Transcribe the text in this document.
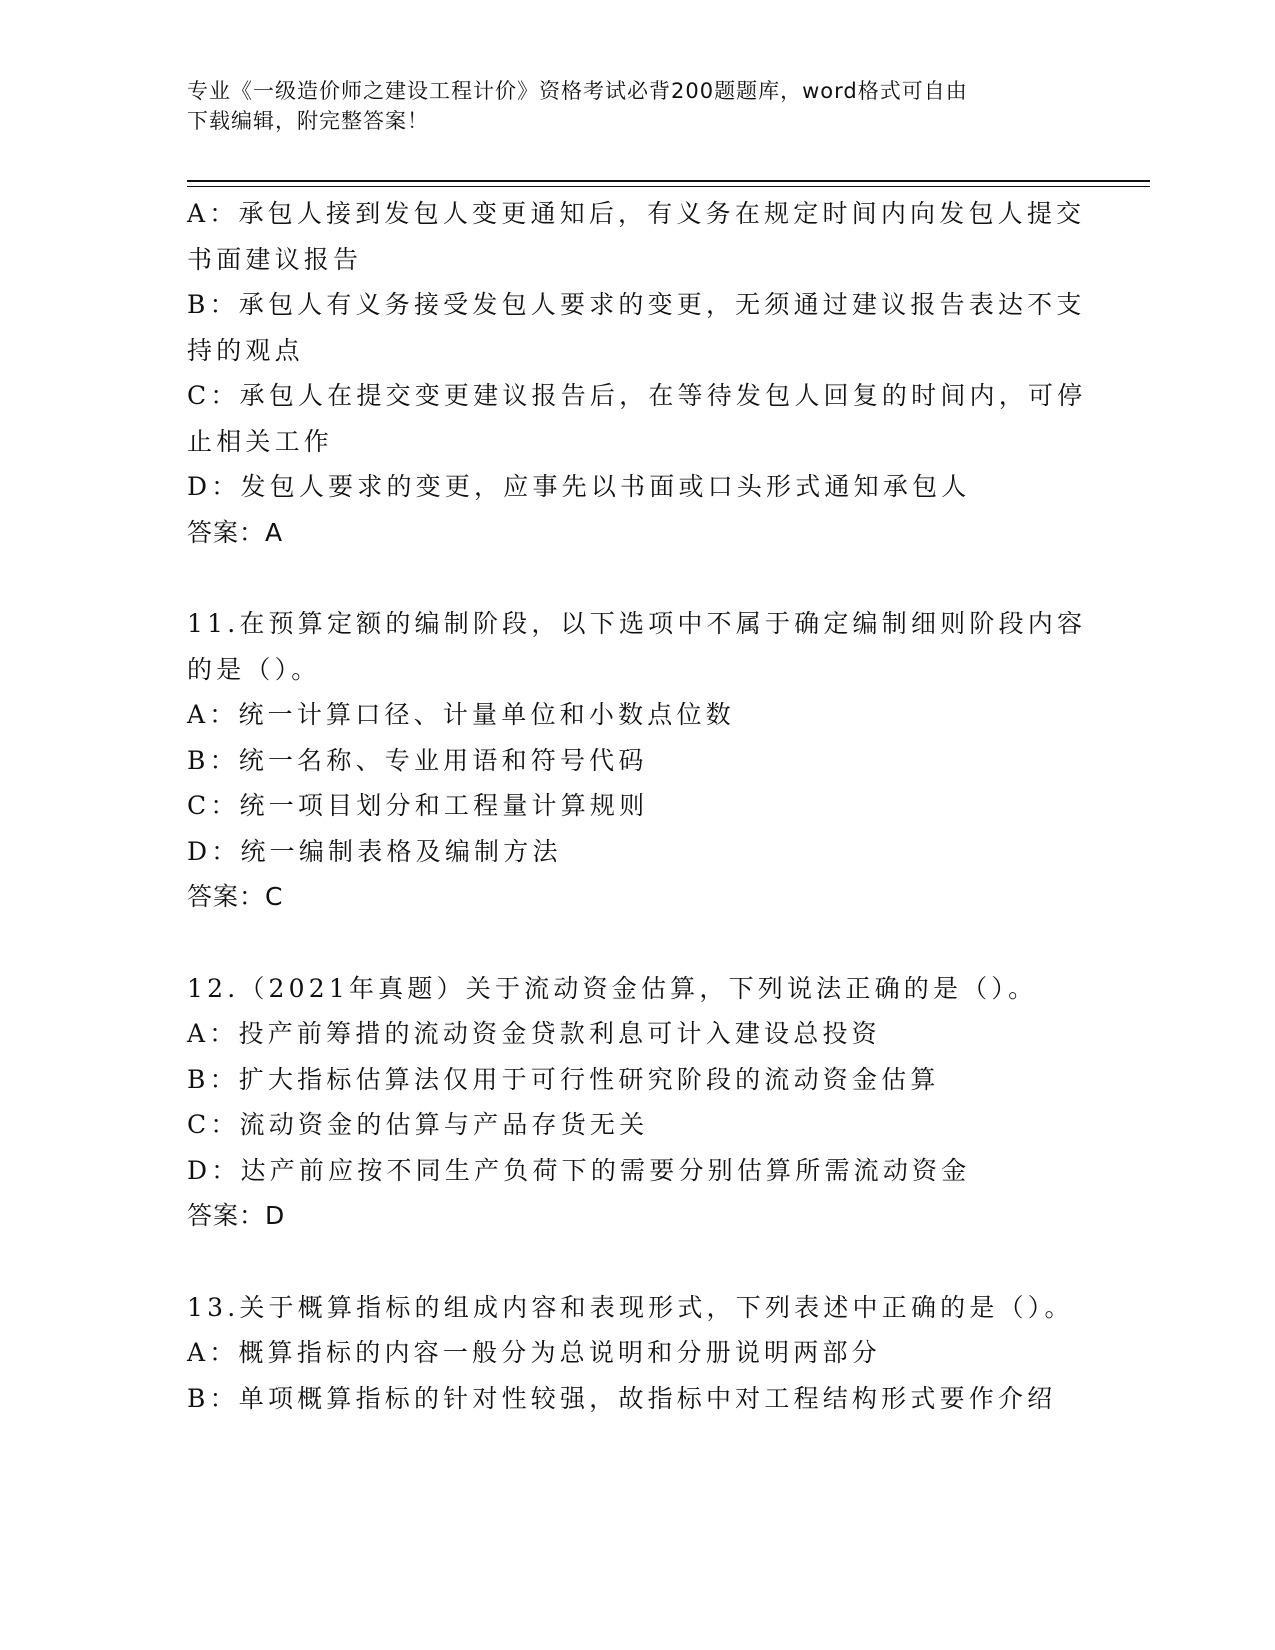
专业《一级造价师之建设工程计价》资格考试必背200题题库，word格式可自由
下载编辑，附完整答案！
A：承包人接到发包人变更通知后，有义务在规定时间内向发包人提交
书面建议报告
B：承包人有义务接受发包人要求的变更，无须通过建议报告表达不支
持的观点
C：承包人在提交变更建议报告后，在等待发包人回复的时间内，可停
止相关工作
D：发包人要求的变更，应事先以书面或口头形式通知承包人
答案：A
11.在预算定额的编制阶段，以下选项中不属于确定编制细则阶段内容
的是（）。
A：统一计算口径、计量单位和小数点位数
B：统一名称、专业用语和符号代码
C：统一项目划分和工程量计算规则
D：统一编制表格及编制方法
答案：C
12.（2021年真题）关于流动资金估算，下列说法正确的是（）。
A：投产前筹措的流动资金贷款利息可计入建设总投资
B：扩大指标估算法仅用于可行性研究阶段的流动资金估算
C：流动资金的估算与产品存货无关
D：达产前应按不同生产负荷下的需要分别估算所需流动资金
答案：D
13.关于概算指标的组成内容和表现形式，下列表述中正确的是（）。
A：概算指标的内容一般分为总说明和分册说明两部分
B：单项概算指标的针对性较强，故指标中对工程结构形式要作介绍
